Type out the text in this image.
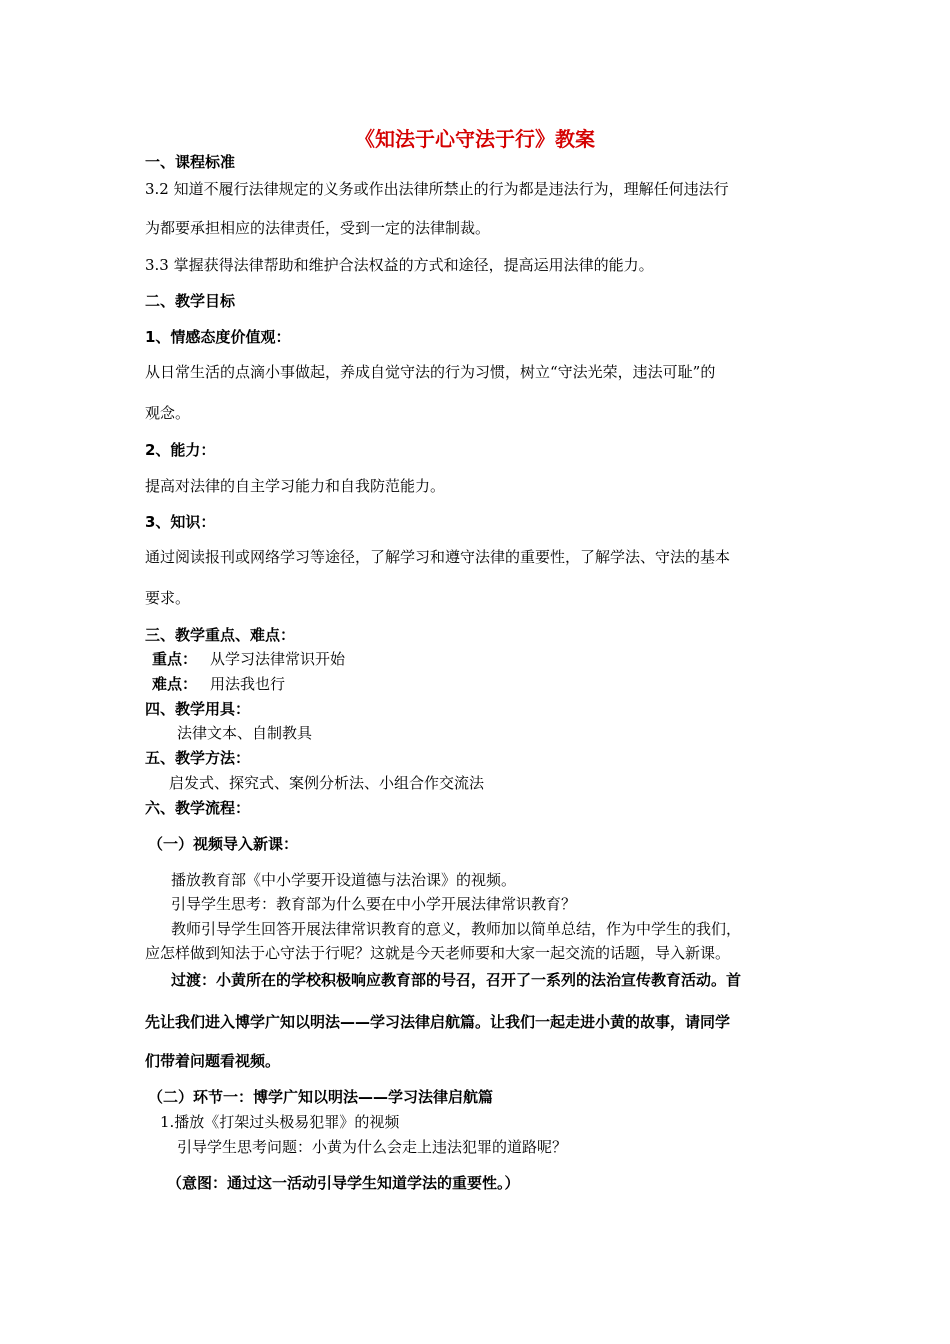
《知法于心守法于行》教案
一、课程标准
3.2 知道不履行法律规定的义务或作出法律所禁止的行为都是违法行为，理解任何违法行
为都要承担相应的法律责任，受到一定的法律制裁。
3.3 掌握获得法律帮助和维护合法权益的方式和途径，提高运用法律的能力。
二、教学目标
1、情感态度价值观：
从日常生活的点滴小事做起，养成自觉守法的行为习惯，树立“守法光荣，违法可耻”的
观念。
2、能力：
提高对法律的自主学习能力和自我防范能力。
3、知识：
通过阅读报刊或网络学习等途径，了解学习和遵守法律的重要性，了解学法、守法的基本
要求。
三、教学重点、难点：
重点： 从学习法律常识开始
难点： 用法我也行
四、教学用具：
法律文本、自制教具
五、教学方法：
启发式、探究式、案例分析法、小组合作交流法
六、教学流程：
（一）视频导入新课：
播放教育部《中小学要开设道德与法治课》的视频。
引导学生思考：教育部为什么要在中小学开展法律常识教育？
教师引导学生回答开展法律常识教育的意义，教师加以简单总结，作为中学生的我们，
应怎样做到知法于心守法于行呢？这就是今天老师要和大家一起交流的话题，导入新课。
过渡：小黄所在的学校积极响应教育部的号召，召开了一系列的法治宣传教育活动。首
先让我们进入博学广知以明法——学习法律启航篇。让我们一起走进小黄的故事，请同学
们带着问题看视频。
（二）环节一：博学广知以明法——学习法律启航篇
1.播放《打架过头极易犯罪》的视频
引导学生思考问题：小黄为什么会走上违法犯罪的道路呢？
（意图：通过这一活动引导学生知道学法的重要性。）
